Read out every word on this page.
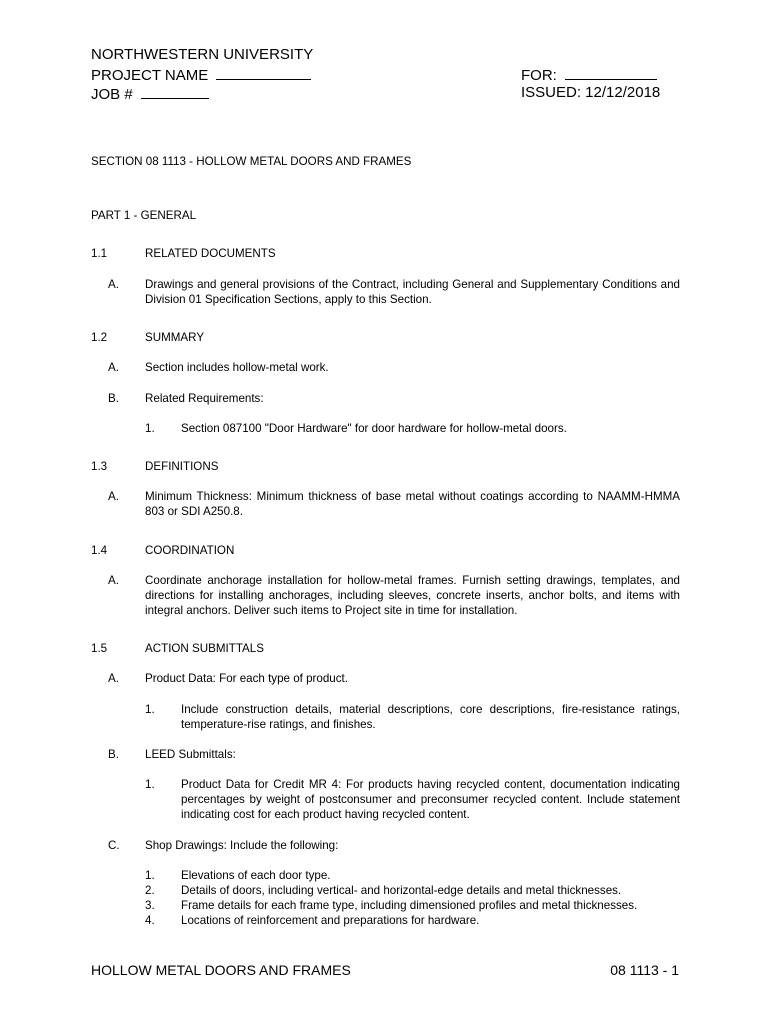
NORTHWESTERN UNIVERSITY
PROJECT NAME
JOB #
FOR:
ISSUED: 12/12/2018
SECTION 08 1113 - HOLLOW METAL DOORS AND FRAMES
PART 1 - GENERAL
1.1	RELATED DOCUMENTS
A. Drawings and general provisions of the Contract, including General and Supplementary Conditions and Division 01 Specification Sections, apply to this Section.
1.2	SUMMARY
A. Section includes hollow-metal work.
B. Related Requirements:
1. Section 087100 "Door Hardware" for door hardware for hollow-metal doors.
1.3	DEFINITIONS
A. Minimum Thickness: Minimum thickness of base metal without coatings according to NAAMM-HMMA 803 or SDI A250.8.
1.4	COORDINATION
A. Coordinate anchorage installation for hollow-metal frames. Furnish setting drawings, templates, and directions for installing anchorages, including sleeves, concrete inserts, anchor bolts, and items with integral anchors. Deliver such items to Project site in time for installation.
1.5	ACTION SUBMITTALS
A. Product Data: For each type of product.
1. Include construction details, material descriptions, core descriptions, fire-resistance ratings, temperature-rise ratings, and finishes.
B. LEED Submittals:
1. Product Data for Credit MR 4: For products having recycled content, documentation indicating percentages by weight of postconsumer and preconsumer recycled content. Include statement indicating cost for each product having recycled content.
C. Shop Drawings: Include the following:
1. Elevations of each door type.
2. Details of doors, including vertical- and horizontal-edge details and metal thicknesses.
3. Frame details for each frame type, including dimensioned profiles and metal thicknesses.
4. Locations of reinforcement and preparations for hardware.
HOLLOW METAL DOORS AND FRAMES	08 1113 - 1
